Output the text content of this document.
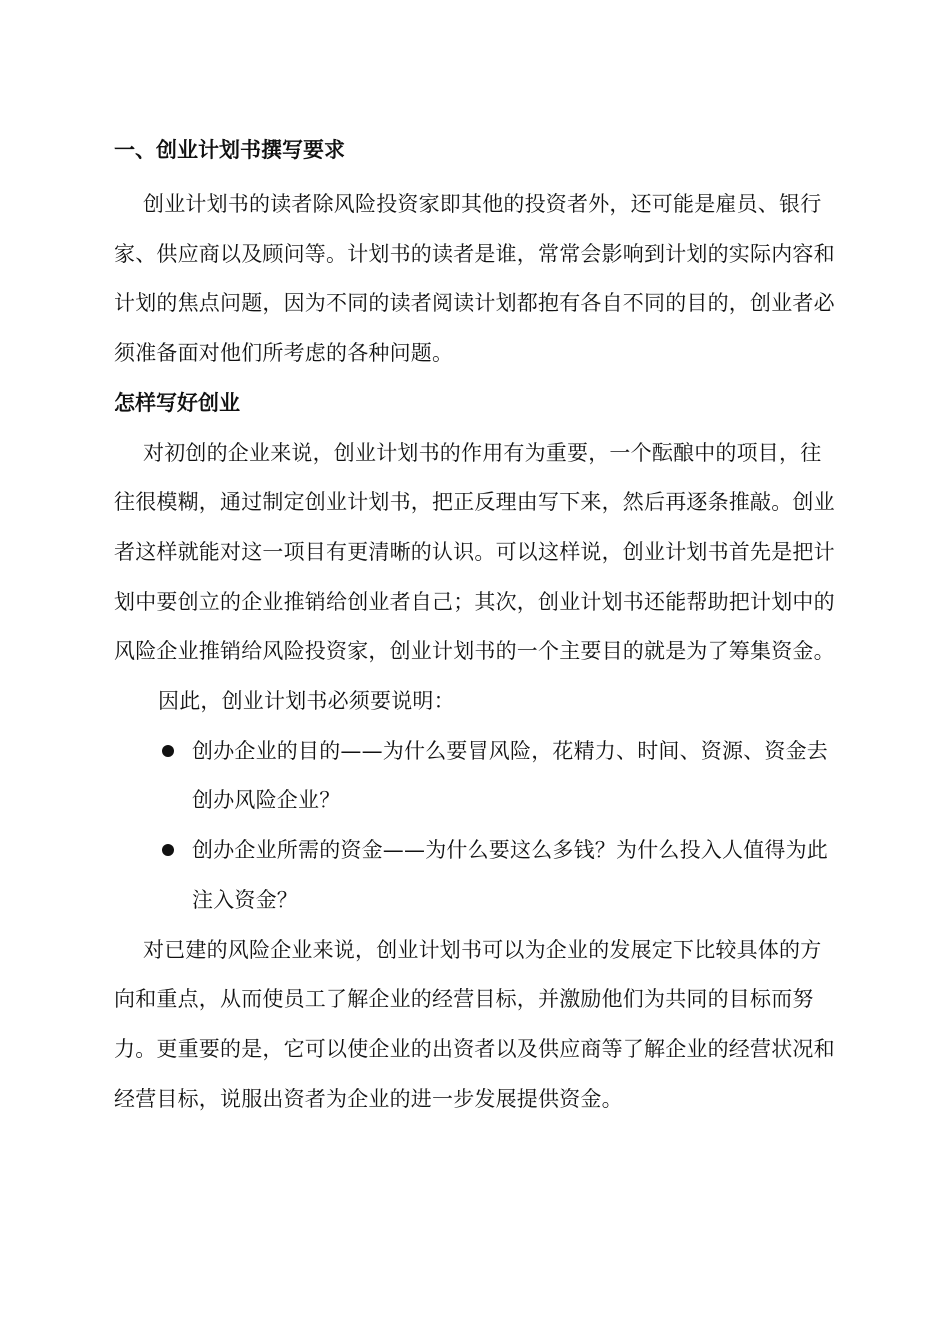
一、创业计划书撰写要求

创业计划书的读者除风险投资家即其他的投资者外，还可能是雇员、银行家、供应商以及顾问等。计划书的读者是谁，常常会影响到计划的实际内容和计划的焦点问题，因为不同的读者阅读计划都抱有各自不同的目的，创业者必须准备面对他们所考虑的各种问题。

怎样写好创业

对初创的企业来说，创业计划书的作用有为重要，一个酝酿中的项目，往往很模糊，通过制定创业计划书，把正反理由写下来，然后再逐条推敲。创业者这样就能对这一项目有更清晰的认识。可以这样说，创业计划书首先是把计划中要创立的企业推销给创业者自己；其次，创业计划书还能帮助把计划中的风险企业推销给风险投资家，创业计划书的一个主要目的就是为了筹集资金。

因此，创业计划书必须要说明：

创办企业的目的——为什么要冒风险，花精力、时间、资源、资金去创办风险企业？
创办企业所需的资金——为什么要这么多钱？为什么投入人值得为此注入资金？

对已建的风险企业来说，创业计划书可以为企业的发展定下比较具体的方向和重点，从而使员工了解企业的经营目标，并激励他们为共同的目标而努力。更重要的是，它可以使企业的出资者以及供应商等了解企业的经营状况和经营目标，说服出资者为企业的进一步发展提供资金。
